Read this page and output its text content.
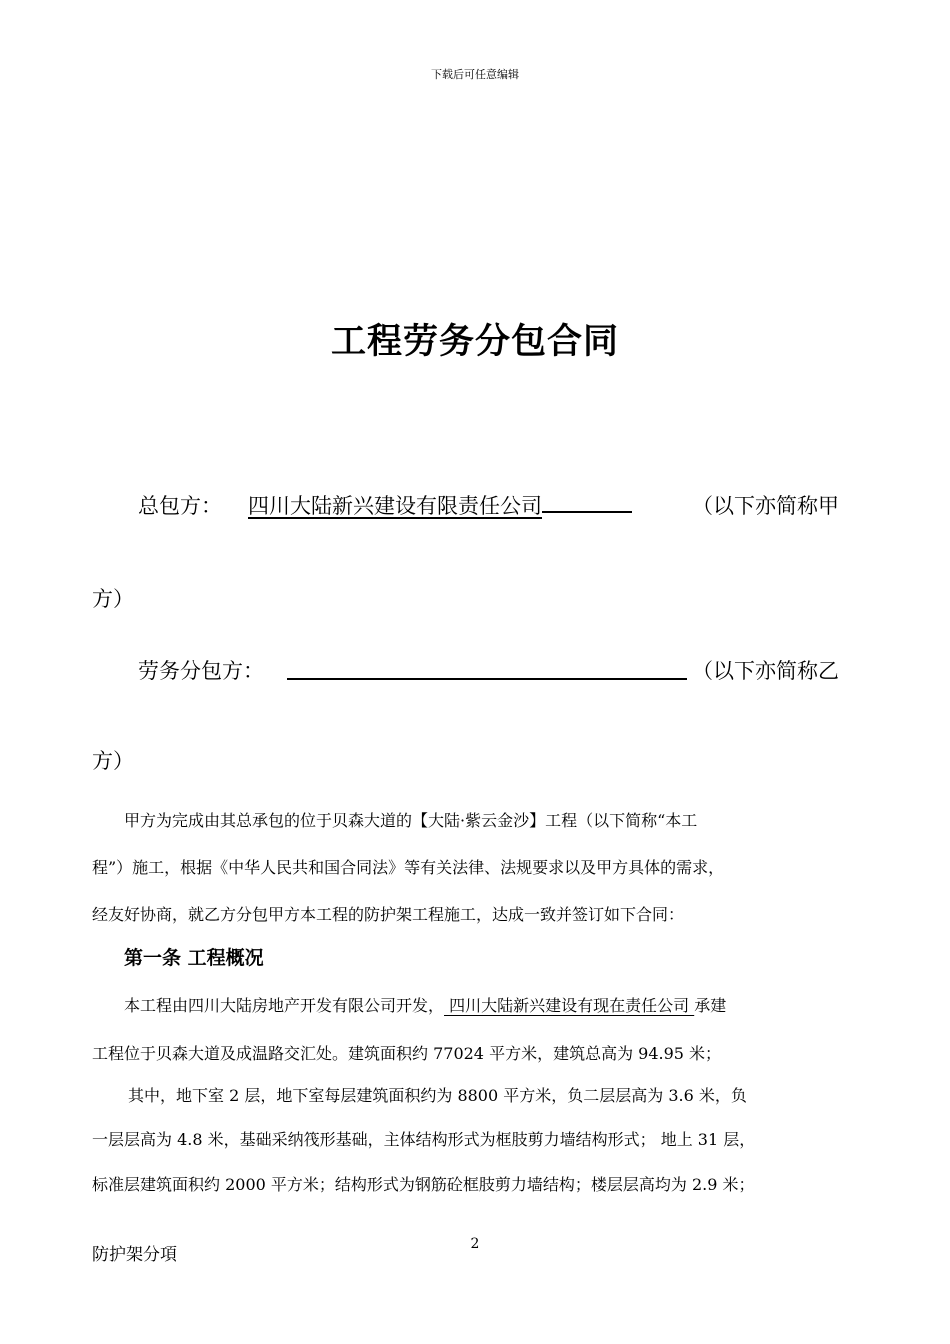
下载后可任意编辑
工程劳务分包合同
总包方：	四川大陆新兴建设有限责任公司	（以下亦简称甲
方）
劳务分包方：	（以下亦简称乙
方）
甲方为完成由其总承包的位于贝森大道的【大陆·紫云金沙】工程（以下简称“本工
程”）施工，根据《中华人民共和国合同法》等有关法律、法规要求以及甲方具体的需求，
经友好协商，就乙方分包甲方本工程的防护架工程施工，达成一致并签订如下合同：
第一条 工程概况
本工程由四川大陆房地产开发有限公司开发， 四川大陆新兴建设有现在责任公司 承建
工程位于贝森大道及成温路交汇处。建筑面积约 77024 平方米，建筑总高为 94.95 米；
其中，地下室 2 层，地下室每层建筑面积约为 8800 平方米，负二层层高为 3.6 米，负
一层层高为 4.8 米，基础采纳筏形基础，主体结构形式为框肢剪力墙结构形式； 地上 31 层，
标准层建筑面积约 2000 平方米；结构形式为钢筋砼框肢剪力墙结构；楼层层高均为 2.9 米；
防护架分項
2
